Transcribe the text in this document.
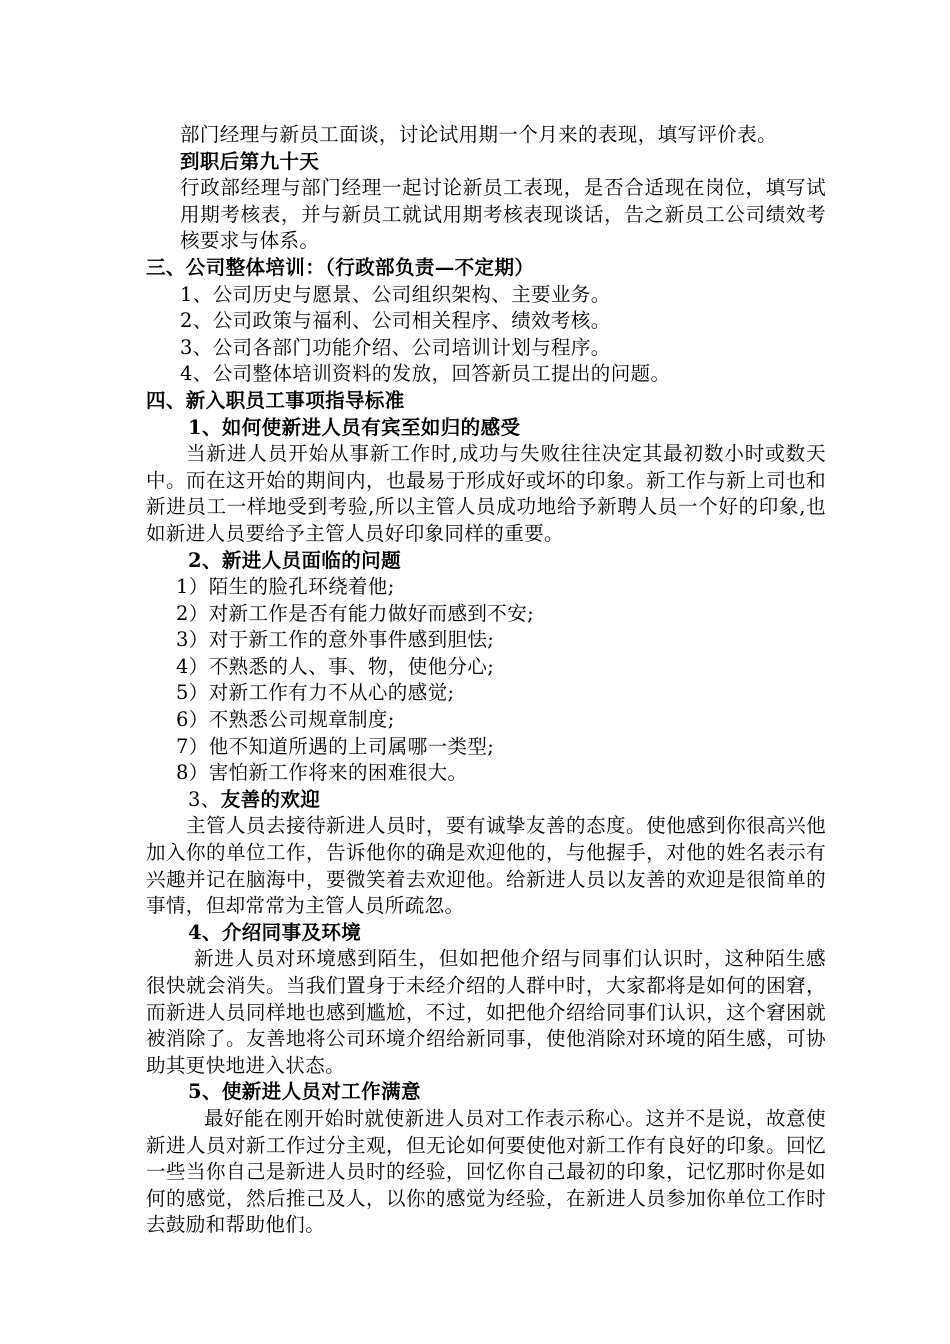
部门经理与新员工面谈，讨论试用期一个月来的表现，填写评价表。

到职后第九十天

行政部经理与部门经理一起讨论新员工表现，是否合适现在岗位，填写试用期考核表，并与新员工就试用期考核表现谈话，告之新员工公司绩效考核要求与体系。

三、公司整体培训：（行政部负责—不定期）

1、公司历史与愿景、公司组织架构、主要业务。

2、公司政策与福利、公司相关程序、绩效考核。

3、公司各部门功能介绍、公司培训计划与程序。

4、公司整体培训资料的发放，回答新员工提出的问题。

四、新入职员工事项指导标准

1、如何使新进人员有宾至如归的感受

当新进人员开始从事新工作时,成功与失败往往决定其最初数小时或数天中。而在这开始的期间内，也最易于形成好或坏的印象。新工作与新上司也和新进员工一样地受到考验,所以主管人员成功地给予新聘人员一个好的印象,也如新进人员要给予主管人员好印象同样的重要。

2、新进人员面临的问题

1）陌生的脸孔环绕着他;

2）对新工作是否有能力做好而感到不安;

3）对于新工作的意外事件感到胆怯;

4）不熟悉的人、事、物，使他分心;

5）对新工作有力不从心的感觉;

6）不熟悉公司规章制度;

7）他不知道所遇的上司属哪一类型;

8）害怕新工作将来的困难很大。

3、友善的欢迎

主管人员去接待新进人员时，要有诚挚友善的态度。使他感到你很高兴他加入你的单位工作，告诉他你的确是欢迎他的，与他握手，对他的姓名表示有兴趣并记在脑海中，要微笑着去欢迎他。给新进人员以友善的欢迎是很简单的事情，但却常常为主管人员所疏忽。

4、介绍同事及环境

新进人员对环境感到陌生，但如把他介绍与同事们认识时，这种陌生感很快就会消失。当我们置身于未经介绍的人群中时，大家都将是如何的困窘，而新进人员同样地也感到尴尬，不过，如把他介绍给同事们认识，这个窘困就被消除了。友善地将公司环境介绍给新同事，使他消除对环境的陌生感，可协助其更快地进入状态。

5、使新进人员对工作满意

最好能在刚开始时就使新进人员对工作表示称心。这并不是说，故意使新进人员对新工作过分主观，但无论如何要使他对新工作有良好的印象。回忆一些当你自己是新进人员时的经验，回忆你自己最初的印象，记忆那时你是如何的感觉，然后推己及人，以你的感觉为经验，在新进人员参加你单位工作时去鼓励和帮助他们。
